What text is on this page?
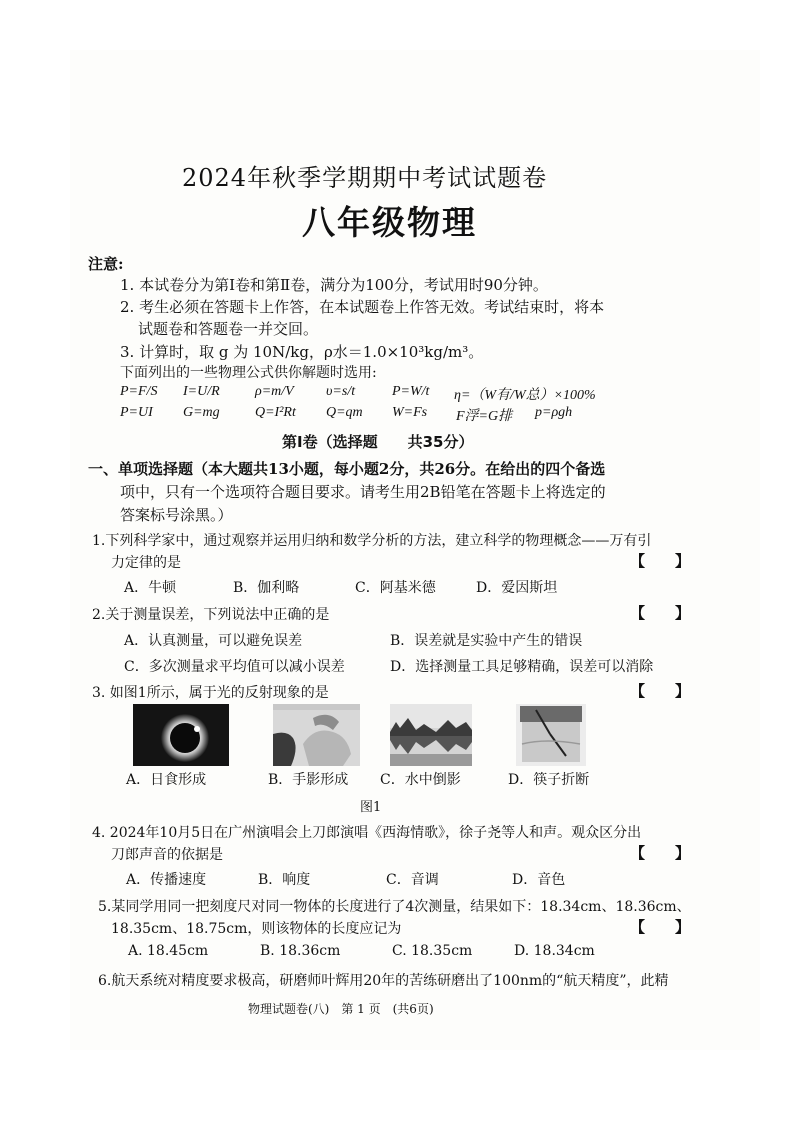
2024年秋季学期期中考试试题卷
八年级物理
注意:
1. 本试卷分为第Ⅰ卷和第Ⅱ卷，满分为100分，考试用时90分钟。
2. 考生必须在答题卡上作答，在本试题卷上作答无效。考试结束时，将本
试题卷和答题卷一并交回。
3. 计算时，取 g 为 10N/kg，ρ水＝1.0×10³kg/m³。
下面列出的一些物理公式供你解题时选用:
P=F/S I=U/R	ρ=m/V υ=s/t	P=W/t η=（W有/W总）×100%
P=UI G=mg	Q=I²Rt Q=qm W=Fs F浮=G排 p=ρgh
第Ⅰ卷（选择题　　共35分）
一、单项选择题（本大题共13小题，每小题2分，共26分。在给出的四个备选
项中，只有一个选项符合题目要求。请考生用2B铅笔在答题卡上将选定的
答案标号涂黑。）
1.下列科学家中，通过观察并运用归纳和数学分析的方法，建立科学的物理概念——万有引
力定律的是	【　　】
A．牛顿	B．伽利略	C．阿基米德	D．爱因斯坦
2.关于测量误差，下列说法中正确的是	【　　】
A．认真测量，可以避免误差	B．误差就是实验中产生的错误
C．多次测量求平均值可以减小误差	D．选择测量工具足够精确，误差可以消除
3. 如图1所示，属于光的反射现象的是	【　　】
A．日食形成	B．手影形成 C．水中倒影	D．筷子折断
图1
4. 2024年10月5日在广州演唱会上刀郎演唱《西海情歌》，徐子尧等人和声。观众区分出
刀郎声音的依据是	【　　】
A．传播速度	B．响度	C．音调	D．音色
5.某同学用同一把刻度尺对同一物体的长度进行了4次测量，结果如下：18.34cm、18.36cm、
18.35cm、18.75cm，则该物体的长度应记为	【　　】
A. 18.45cm	B. 18.36cm	C. 18.35cm	D. 18.34cm
6.航天系统对精度要求极高，研磨师叶辉用20年的苦练研磨出了100nm的“航天精度”，此精
物理试题卷(八)　第 1 页　(共6页)
